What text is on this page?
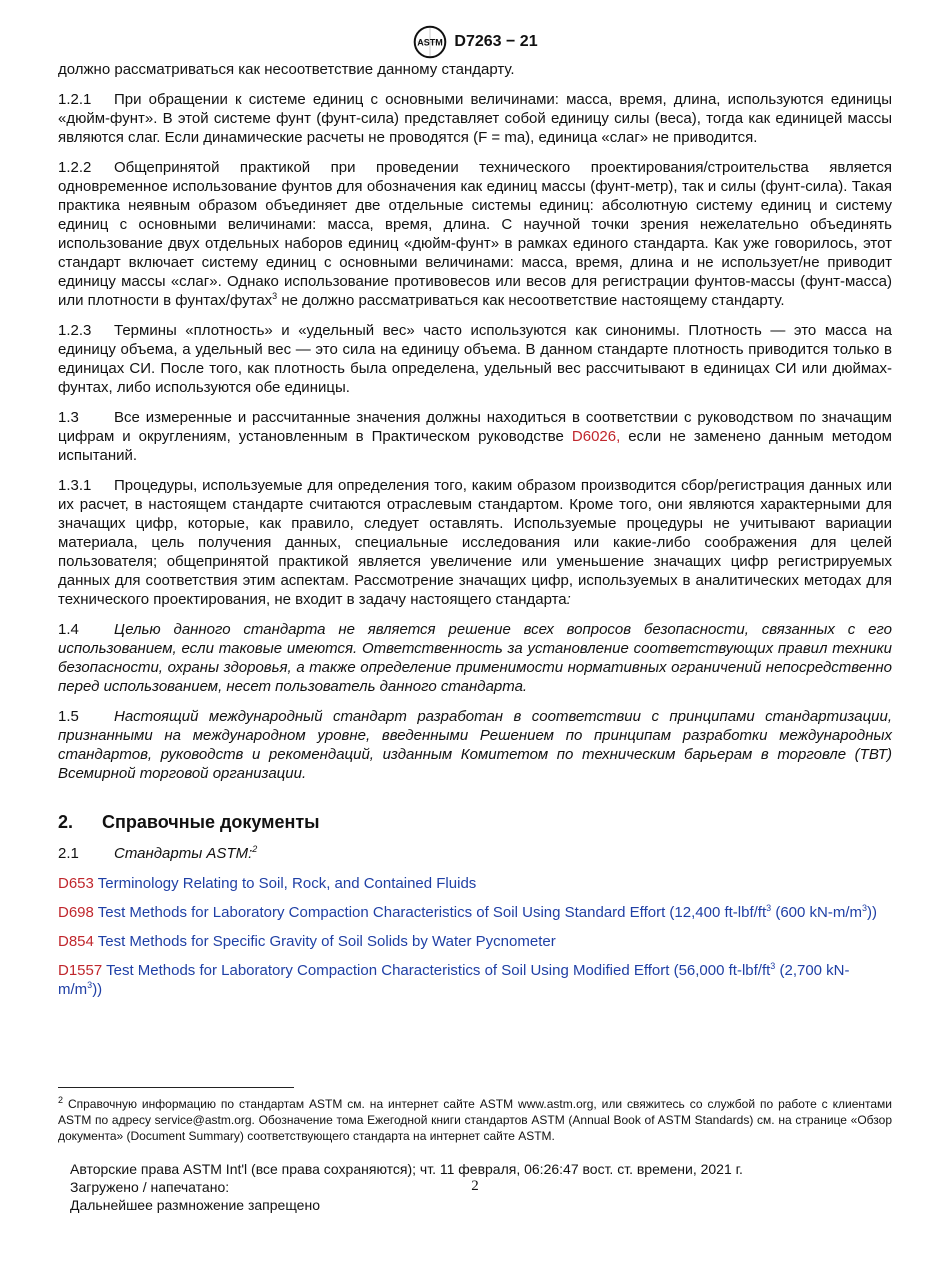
ASTM D7263 − 21

должно рассматриваться как несоответствие данному стандарту.

1.2.1 При обращении к системе единиц с основными величинами: масса, время, длина, используются единицы «дюйм-фунт». В этой системе фунт (фунт-сила) представляет собой единицу силы (веса), тогда как единицей массы являются слаг. Если динамические расчеты не проводятся (F = ma), единица «слаг» не приводится.

1.2.2 Общепринятой практикой при проведении технического проектирования/строительства является одновременное использование фунтов для обозначения как единиц массы (фунт-метр), так и силы (фунт-сила). Такая практика неявным образом объединяет две отдельные системы единиц: абсолютную систему единиц и систему единиц с основными величинами: масса, время, длина. С научной точки зрения нежелательно объединять использование двух отдельных наборов единиц «дюйм-фунт» в рамках единого стандарта. Как уже говорилось, этот стандарт включает систему единиц с основными величинами: масса, время, длина и не использует/не приводит единицу массы «слаг». Однако использование противовесов или весов для регистрации фунтов-массы (фунт-масса) или плотности в фунтах/футах$^3$ не должно рассматриваться как несоответствие настоящему стандарту.

1.2.3 Термины «плотность» и «удельный вес» часто используются как синонимы. Плотность — это масса на единицу объема, а удельный вес — это сила на единицу объема. В данном стандарте плотность приводится только в единицах СИ. После того, как плотность была определена, удельный вес рассчитывают в единицах СИ или дюймах-фунтах, либо используются обе единицы.

1.3 Все измеренные и рассчитанные значения должны находиться в соответствии с руководством по значащим цифрам и округлениям, установленным в Практическом руководстве D6026, если не заменено данным методом испытаний.

1.3.1 Процедуры, используемые для определения того, каким образом производится сбор/регистрация данных или их расчет, в настоящем стандарте считаются отраслевым стандартом. Кроме того, они являются характерными для значащих цифр, которые, как правило, следует оставлять. Используемые процедуры не учитывают вариации материала, цель получения данных, специальные исследования или какие-либо соображения для целей пользователя; общепринятой практикой является увеличение или уменьшение значащих цифр регистрируемых данных для соответствия этим аспектам. Рассмотрение значащих цифр, используемых в аналитических методах для технического проектирования, не входит в задачу настоящего стандарта:

1.4 Целью данного стандарта не является решение всех вопросов безопасности, связанных с его использованием, если таковые имеются. Ответственность за установление соответствующих правил техники безопасности, охраны здоровья, а также определение применимости нормативных ограничений непосредственно перед использованием, несет пользователь данного стандарта.

1.5 Настоящий международный стандарт разработан в соответствии с принципами стандартизации, признанными на международном уровне, введенными Решением по принципам разработки международных стандартов, руководств и рекомендаций, изданным Комитетом по техническим барьерам в торговле (ТВТ) Всемирной торговой организации.

2. Справочные документы

2.1 Стандарты ASTM:$^2$

D653 Terminology Relating to Soil, Rock, and Contained Fluids

D698 Test Methods for Laboratory Compaction Characteristics of Soil Using Standard Effort (12,400 $ft-lbf/ft^3$ (600 $kN-m/m^3$))

D854 Test Methods for Specific Gravity of Soil Solids by Water Pycnometer

D1557 Test Methods for Laboratory Compaction Characteristics of Soil Using Modified Effort (56,000 $ft-lbf/ft^3$ (2,700 $kN-m/m^3$))

$^2$ Справочную информацию по стандартам ASTM см. на интернет сайте ASTM www.astm.org, или свяжитесь со службой по работе с клиентами ASTM по адресу service@astm.org. Обозначение тома Ежегодной книги стандартов ASTM (Annual Book of ASTM Standards) см. на странице «Обзор документа» (Document Summary) соответствующего стандарта на интернет сайте ASTM.
Авторские права ASTM Int'l (все права сохраняются); чт. 11 февраля, 06:26:47 вост. ст. времени, 2021 г.
Загружено / напечатано:
Дальнейшее размножение запрещено
2
